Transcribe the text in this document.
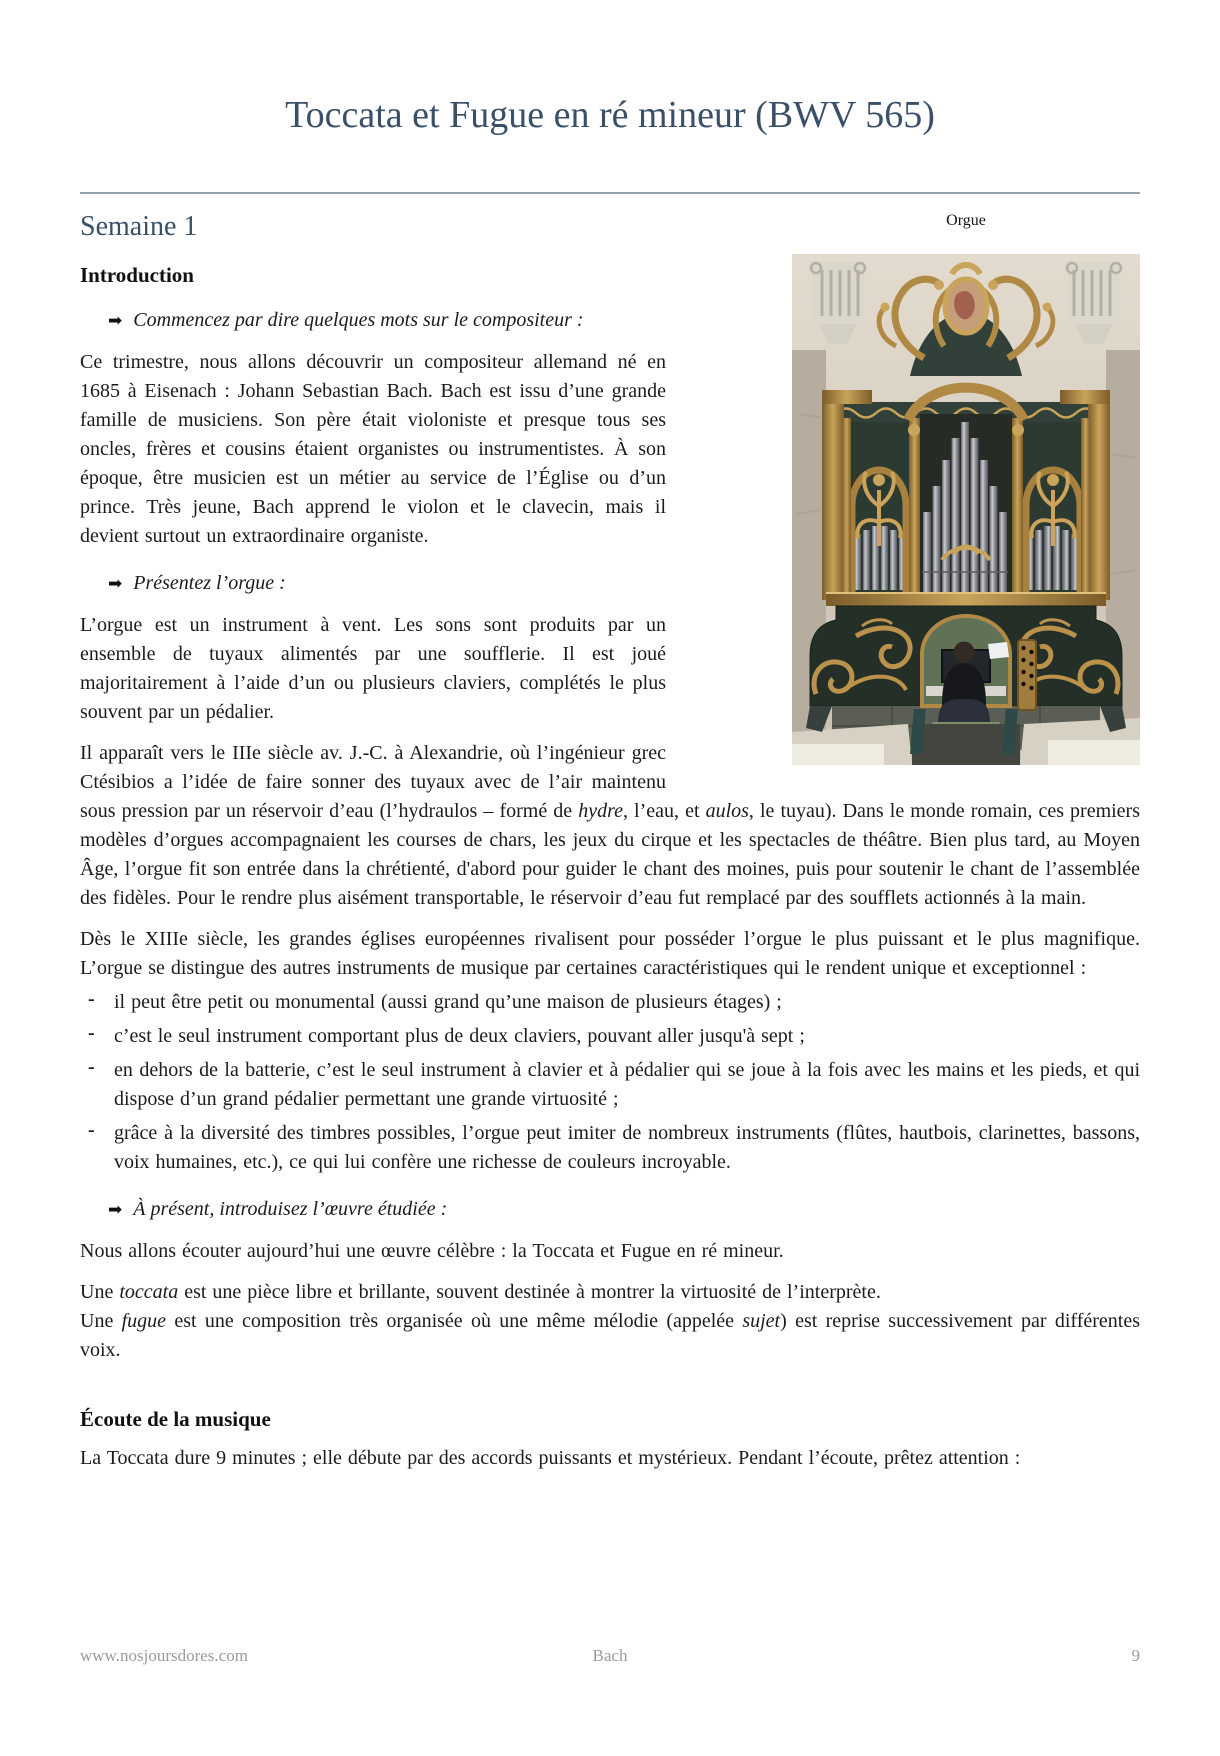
Toccata et Fugue en ré mineur (BWV 565)
Orgue
Semaine 1
Introduction
➡ Commencez par dire quelques mots sur le compositeur :

Ce trimestre, nous allons découvrir un compositeur allemand né en 1685 à Eisenach : Johann Sebastian Bach. Bach est issu d’une grande famille de musiciens. Son père était violoniste et presque tous ses oncles, frères et cousins étaient organistes ou instrumentistes. À son époque, être musicien est un métier au service de l’Église ou d’un prince. Très jeune, Bach apprend le violon et le clavecin, mais il devient surtout un extraordinaire organiste.

➡ Présentez l’orgue :

L’orgue est un instrument à vent. Les sons sont produits par un ensemble de tuyaux alimentés par une soufflerie. Il est joué majoritairement à l’aide d’un ou plusieurs claviers, complétés le plus souvent par un pédalier.

Il apparaît vers le IIIe siècle av. J.-C. à Alexandrie, où l’ingénieur grec Ctésibios a l’idée de faire sonner des tuyaux avec de l’air maintenu sous pression par un réservoir d’eau (l’hydraulos – formé de hydre, l’eau, et aulos, le tuyau). Dans le monde romain, ces premiers modèles d’orgues accompagnaient les courses de chars, les jeux du cirque et les spectacles de théâtre. Bien plus tard, au Moyen Âge, l’orgue fit son entrée dans la chrétienté, d'abord pour guider le chant des moines, puis pour soutenir le chant de l’assemblée des fidèles. Pour le rendre plus aisément transportable, le réservoir d’eau fut remplacé par des soufflets actionnés à la main.

Dès le XIIIe siècle, les grandes églises européennes rivalisent pour posséder l’orgue le plus puissant et le plus magnifique. L’orgue se distingue des autres instruments de musique par certaines caractéristiques qui le rendent unique et exceptionnel :

- il peut être petit ou monumental (aussi grand qu’une maison de plusieurs étages) ;
- c’est le seul instrument comportant plus de deux claviers, pouvant aller jusqu'à sept ;
- en dehors de la batterie, c’est le seul instrument à clavier et à pédalier qui se joue à la fois avec les mains et les pieds, et qui dispose d’un grand pédalier permettant une grande virtuosité ;
- grâce à la diversité des timbres possibles, l’orgue peut imiter de nombreux instruments (flûtes, hautbois, clarinettes, bassons, voix humaines, etc.), ce qui lui confère une richesse de couleurs incroyable.
➡ À présent, introduisez l’œuvre étudiée :

Nous allons écouter aujourd’hui une œuvre célèbre : la Toccata et Fugue en ré mineur.

Une toccata est une pièce libre et brillante, souvent destinée à montrer la virtuosité de l’interprète.
Une fugue est une composition très organisée où une même mélodie (appelée sujet) est reprise successivement par différentes voix.

Écoute de la musique

La Toccata dure 9 minutes ; elle débute par des accords puissants et mystérieux. Pendant l’écoute, prêtez attention :

www.nosjoursdores.com	Bach	9
